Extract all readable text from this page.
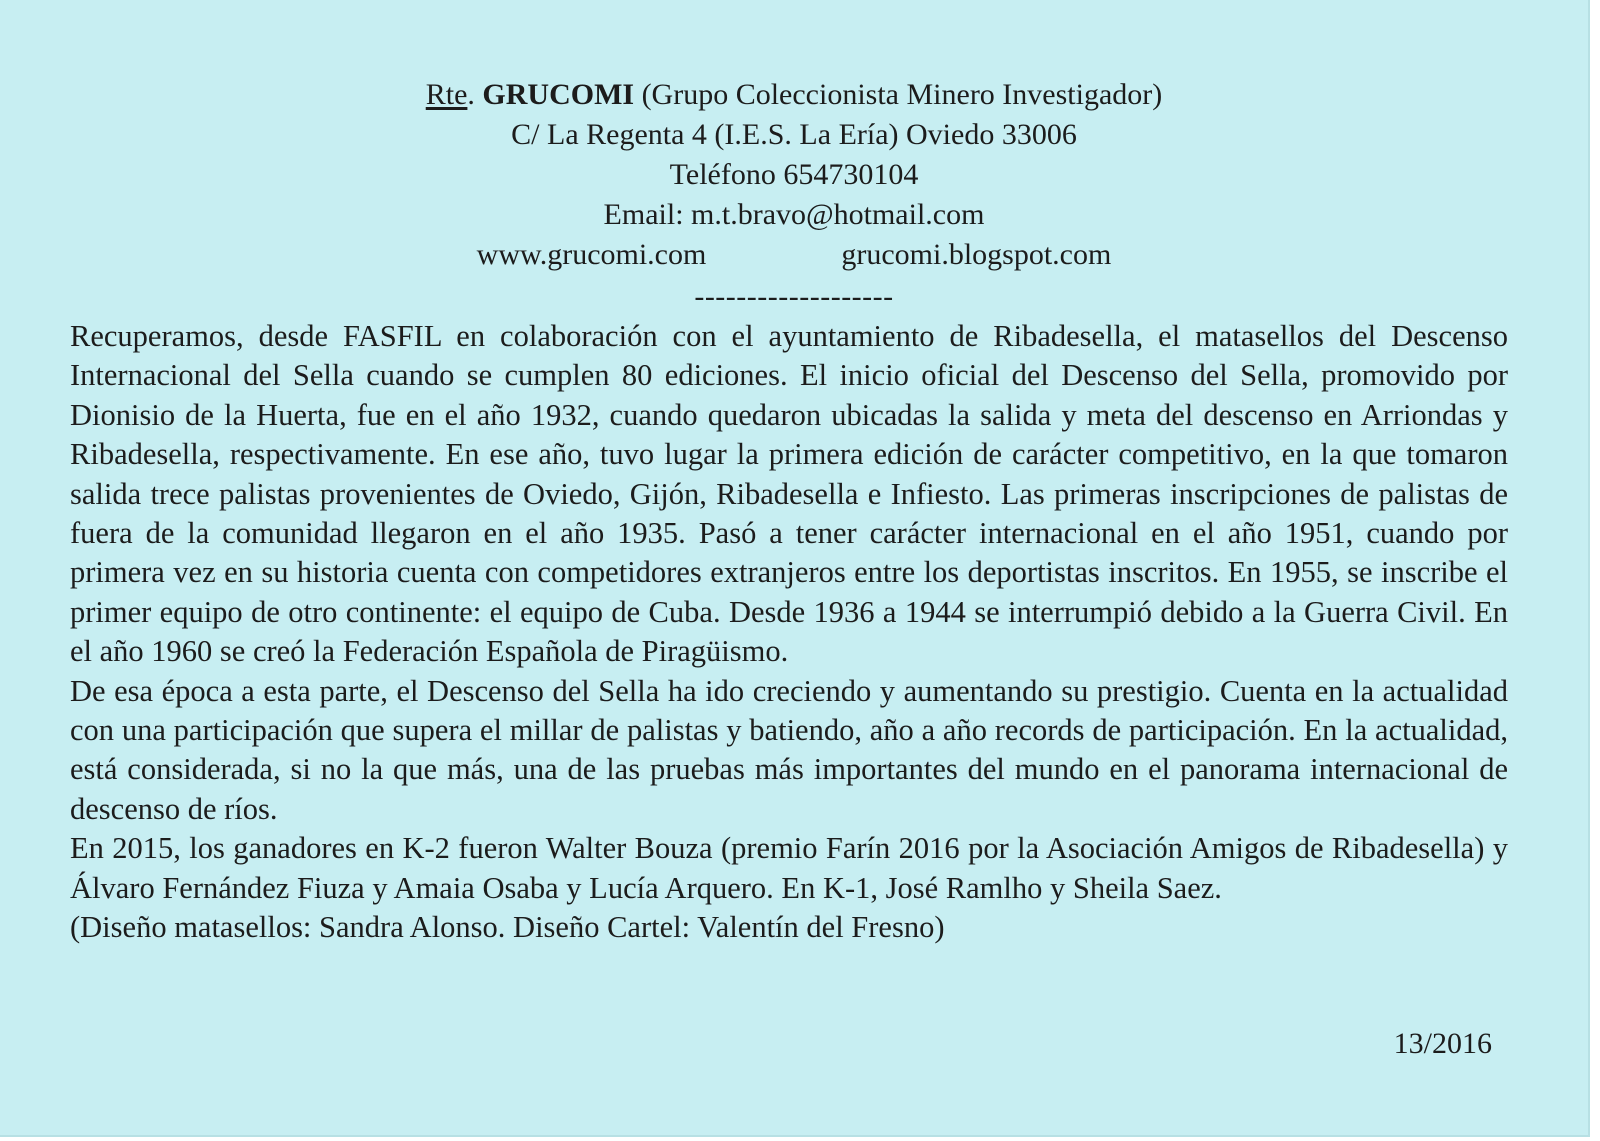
Rte. GRUCOMI (Grupo Coleccionista Minero Investigador)
C/ La Regenta 4 (I.E.S. La Ería) Oviedo 33006
Teléfono 654730104
Email: m.t.bravo@hotmail.com
www.grucomi.com	grucomi.blogspot.com
-------------------

Recuperamos, desde FASFIL en colaboración con el ayuntamiento de Ribadesella, el matasellos del Descenso Internacional del Sella cuando se cumplen 80 ediciones. El inicio oficial del Descenso del Sella, promovido por Dionisio de la Huerta, fue en el año 1932, cuando quedaron ubicadas la salida y meta del descenso en Arriondas y Ribadesella, respectivamente. En ese año, tuvo lugar la primera edición de carácter competitivo, en la que tomaron salida trece palistas provenientes de Oviedo, Gijón, Ribadesella e Infiesto. Las primeras inscripciones de palistas de fuera de la comunidad llegaron en el año 1935. Pasó a tener carácter internacional en el año 1951, cuando por primera vez en su historia cuenta con competidores extranjeros entre los deportistas inscritos. En 1955, se inscribe el primer equipo de otro continente: el equipo de Cuba. Desde 1936 a 1944 se interrumpió debido a la Guerra Civil. En el año 1960 se creó la Federación Española de Piragüismo.

De esa época a esta parte, el Descenso del Sella ha ido creciendo y aumentando su prestigio. Cuenta en la actualidad con una participación que supera el millar de palistas y batiendo, año a año records de participación. En la actualidad, está considerada, si no la que más, una de las pruebas más importantes del mundo en el panorama internacional de descenso de ríos.

En 2015, los ganadores en K-2 fueron Walter Bouza (premio Farín 2016 por la Asociación Amigos de Ribadesella) y Álvaro Fernández Fiuza y Amaia Osaba y Lucía Arquero. En K-1, José Ramlho y Sheila Saez.

(Diseño matasellos: Sandra Alonso. Diseño Cartel: Valentín del Fresno)

13/2016
